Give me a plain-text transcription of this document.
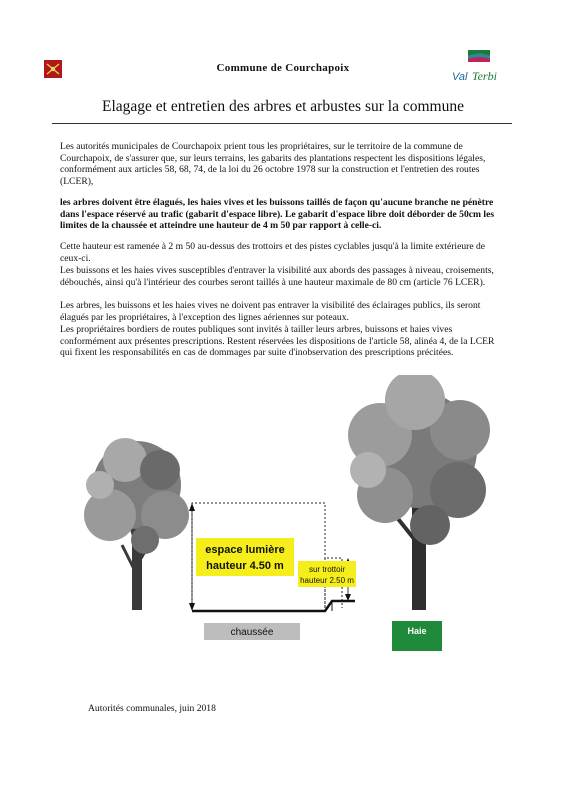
Commune de Courchapoix
Val Terbi
Elagage et entretien des arbres et arbustes sur la commune

Les autorités municipales de Courchapoix prient tous les propriétaires, sur le territoire de la commune de Courchapoix, de s'assurer que, sur leurs terrains, les gabarits des plantations respectent les dispositions légales, conformément aux articles 58, 68, 74, de la loi du 26 octobre 1978 sur la construction et l'entretien des routes (LCER),

les arbres doivent être élagués, les haies vives et les buissons taillés de façon qu'aucune branche ne pénètre dans l'espace réservé au trafic (gabarit d'espace libre). Le gabarit d'espace libre doit déborder de 50cm les limites de la chaussée et atteindre une hauteur de 4 m 50 par rapport à celle-ci.

Cette hauteur est ramenée à 2 m 50 au-dessus des trottoirs et des pistes cyclables jusqu'à la limite extérieure de ceux-ci.

Les buissons et les haies vives susceptibles d'entraver la visibilité aux abords des passages à niveau, croisements, débouchés, ainsi qu'à l'intérieur des courbes seront taillés à une hauteur maximale de 80 cm (article 76 LCER).

Les arbres, les buissons et les haies vives ne doivent pas entraver la visibilité des éclairages publics, ils seront élagués par les propriétaires, à l'exception des lignes aériennes sur poteaux.

Les propriétaires bordiers de routes publiques sont invités à tailler leurs arbres, buissons et haies vives conformément aux présentes prescriptions. Restent réservées les dispositions de l'article 58, alinéa 4, de la LCER qui fixent les responsabilités en cas de dommages par suite d'inobservation des prescriptions précitées.

espace lumière
hauteur 4.50 m	sur trottoir
hauteur 2.50 m
chaussée	Haie
Autorités communales, juin 2018
